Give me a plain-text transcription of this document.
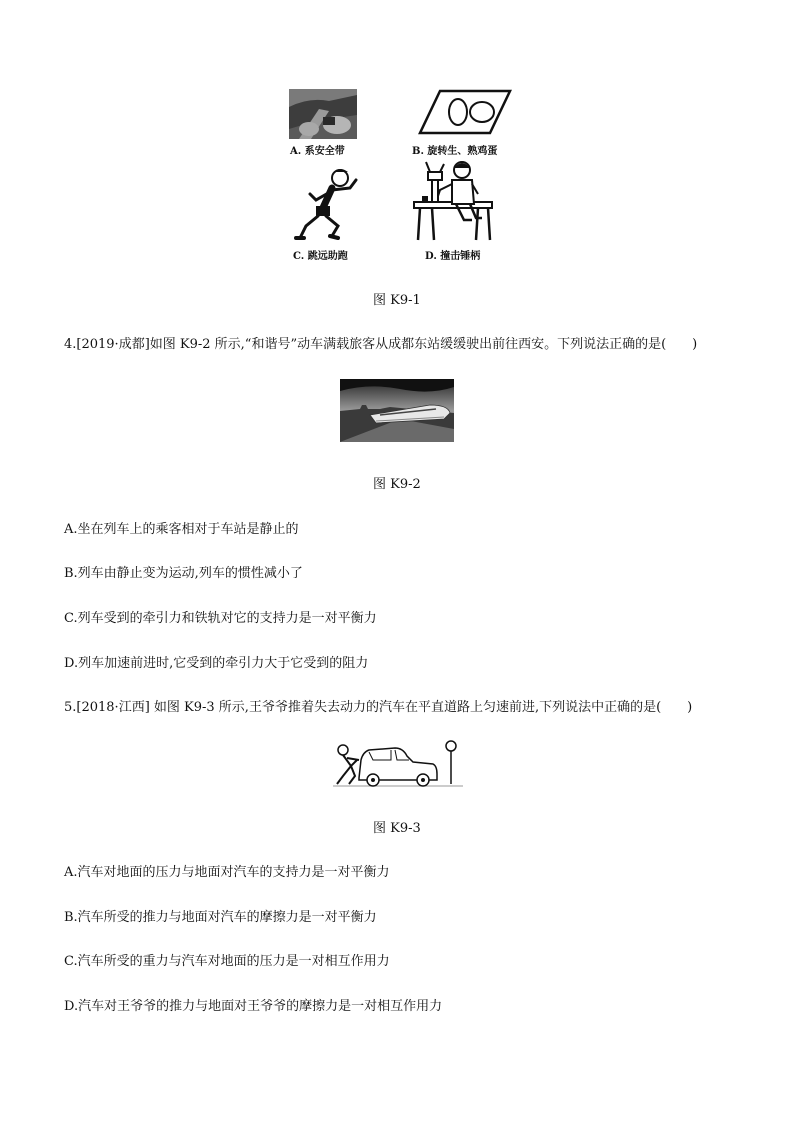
A. 系安全带	B. 旋转生、熟鸡蛋
C. 跳远助跑	D. 撞击锤柄
图 K9-1
4.[2019·成都]如图 K9-2 所示,“和谐号”动车满载旅客从成都东站缓缓驶出前往西安。下列说法正确的是(　　)
图 K9-2
A.坐在列车上的乘客相对于车站是静止的
B.列车由静止变为运动,列车的惯性减小了
C.列车受到的牵引力和铁轨对它的支持力是一对平衡力
D.列车加速前进时,它受到的牵引力大于它受到的阻力
5.[2018·江西] 如图 K9-3 所示,王爷爷推着失去动力的汽车在平直道路上匀速前进,下列说法中正确的是(　　)
图 K9-3
A.汽车对地面的压力与地面对汽车的支持力是一对平衡力
B.汽车所受的推力与地面对汽车的摩擦力是一对平衡力
C.汽车所受的重力与汽车对地面的压力是一对相互作用力
D.汽车对王爷爷的推力与地面对王爷爷的摩擦力是一对相互作用力
